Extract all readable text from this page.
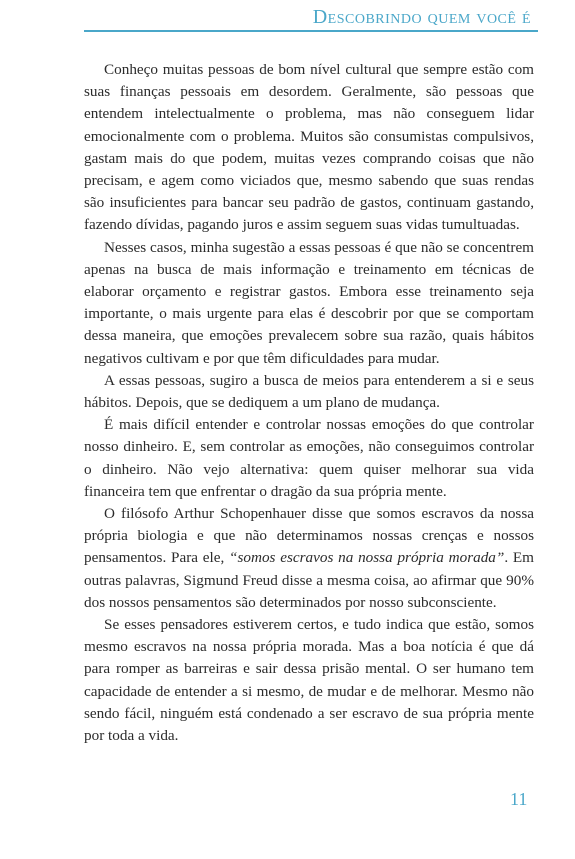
Descobrindo quem você é

Conheço muitas pessoas de bom nível cultural que sempre estão com suas finanças pessoais em desordem. Geralmente, são pessoas que entendem intelectualmente o problema, mas não conseguem lidar emocionalmente com o problema. Muitos são consumistas compulsivos, gastam mais do que podem, muitas vezes comprando coisas que não precisam, e agem como viciados que, mesmo sabendo que suas rendas são insuficientes para bancar seu padrão de gastos, continuam gastando, fazendo dívidas, pagando juros e assim seguem suas vidas tumultuadas.

Nesses casos, minha sugestão a essas pessoas é que não se concentrem apenas na busca de mais informação e treinamento em técnicas de elaborar orçamento e registrar gastos. Embora esse treinamento seja importante, o mais urgente para elas é descobrir por que se comportam dessa maneira, que emoções prevalecem sobre sua razão, quais hábitos negativos cultivam e por que têm dificuldades para mudar.

A essas pessoas, sugiro a busca de meios para entenderem a si e seus hábitos. Depois, que se dediquem a um plano de mudança.

É mais difícil entender e controlar nossas emoções do que controlar nosso dinheiro. E, sem controlar as emoções, não conseguimos controlar o dinheiro. Não vejo alternativa: quem quiser melhorar sua vida financeira tem que enfrentar o dragão da sua própria mente.

O filósofo Arthur Schopenhauer disse que somos escravos da nossa própria biologia e que não determinamos nossas crenças e nossos pensamentos. Para ele, “somos escravos na nossa própria morada”. Em outras palavras, Sigmund Freud disse a mesma coisa, ao afirmar que 90% dos nossos pensamentos são determinados por nosso subconsciente.

Se esses pensadores estiverem certos, e tudo indica que estão, somos mesmo escravos na nossa própria morada. Mas a boa notícia é que dá para romper as barreiras e sair dessa prisão mental. O ser humano tem capacidade de entender a si mesmo, de mudar e de melhorar. Mesmo não sendo fácil, ninguém está condenado a ser escravo de sua própria mente por toda a vida.

11
